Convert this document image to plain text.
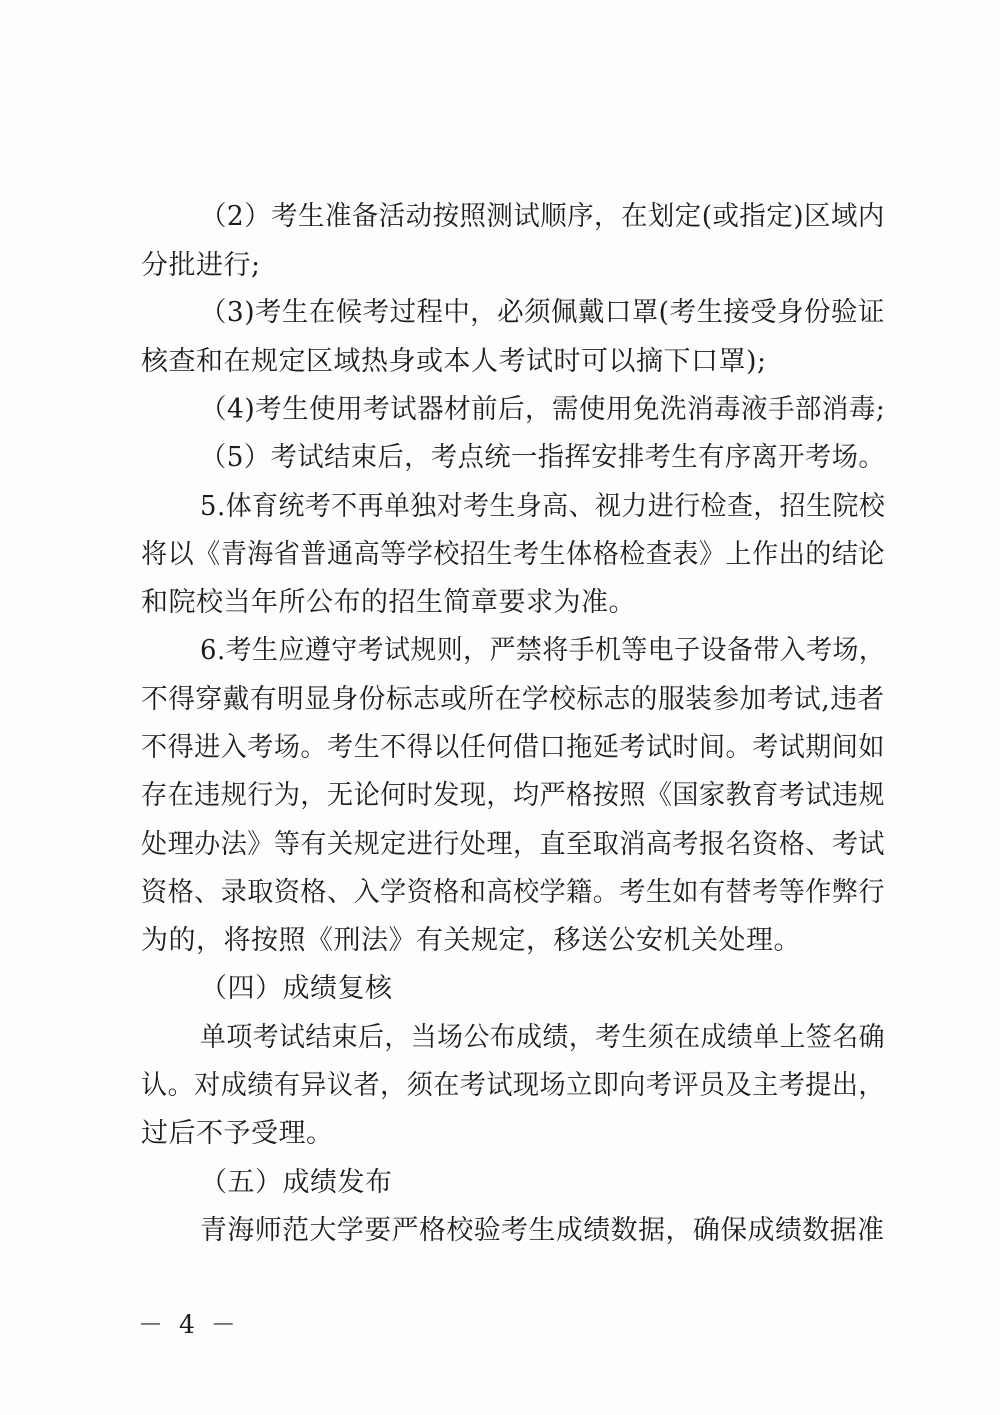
（2）考生准备活动按照测试顺序，在划定(或指定)区域内
分批进行;
（3)考生在候考过程中，必须佩戴口罩(考生接受身份验证
核查和在规定区域热身或本人考试时可以摘下口罩);
（4)考生使用考试器材前后，需使用免洗消毒液手部消毒;
（5）考试结束后，考点统一指挥安排考生有序离开考场。
5.体育统考不再单独对考生身高、视力进行检查，招生院校
将以《青海省普通高等学校招生考生体格检查表》上作出的结论
和院校当年所公布的招生简章要求为准。
6.考生应遵守考试规则，严禁将手机等电子设备带入考场，
不得穿戴有明显身份标志或所在学校标志的服装参加考试,违者
不得进入考场。考生不得以任何借口拖延考试时间。考试期间如
存在违规行为，无论何时发现，均严格按照《国家教育考试违规
处理办法》等有关规定进行处理，直至取消高考报名资格、考试
资格、录取资格、入学资格和高校学籍。考生如有替考等作弊行
为的，将按照《刑法》有关规定，移送公安机关处理。
（四）成绩复核
单项考试结束后，当场公布成绩，考生须在成绩单上签名确
认。对成绩有异议者，须在考试现场立即向考评员及主考提出，
过后不予受理。
（五）成绩发布
青海师范大学要严格校验考生成绩数据，确保成绩数据准
－ 4 －
